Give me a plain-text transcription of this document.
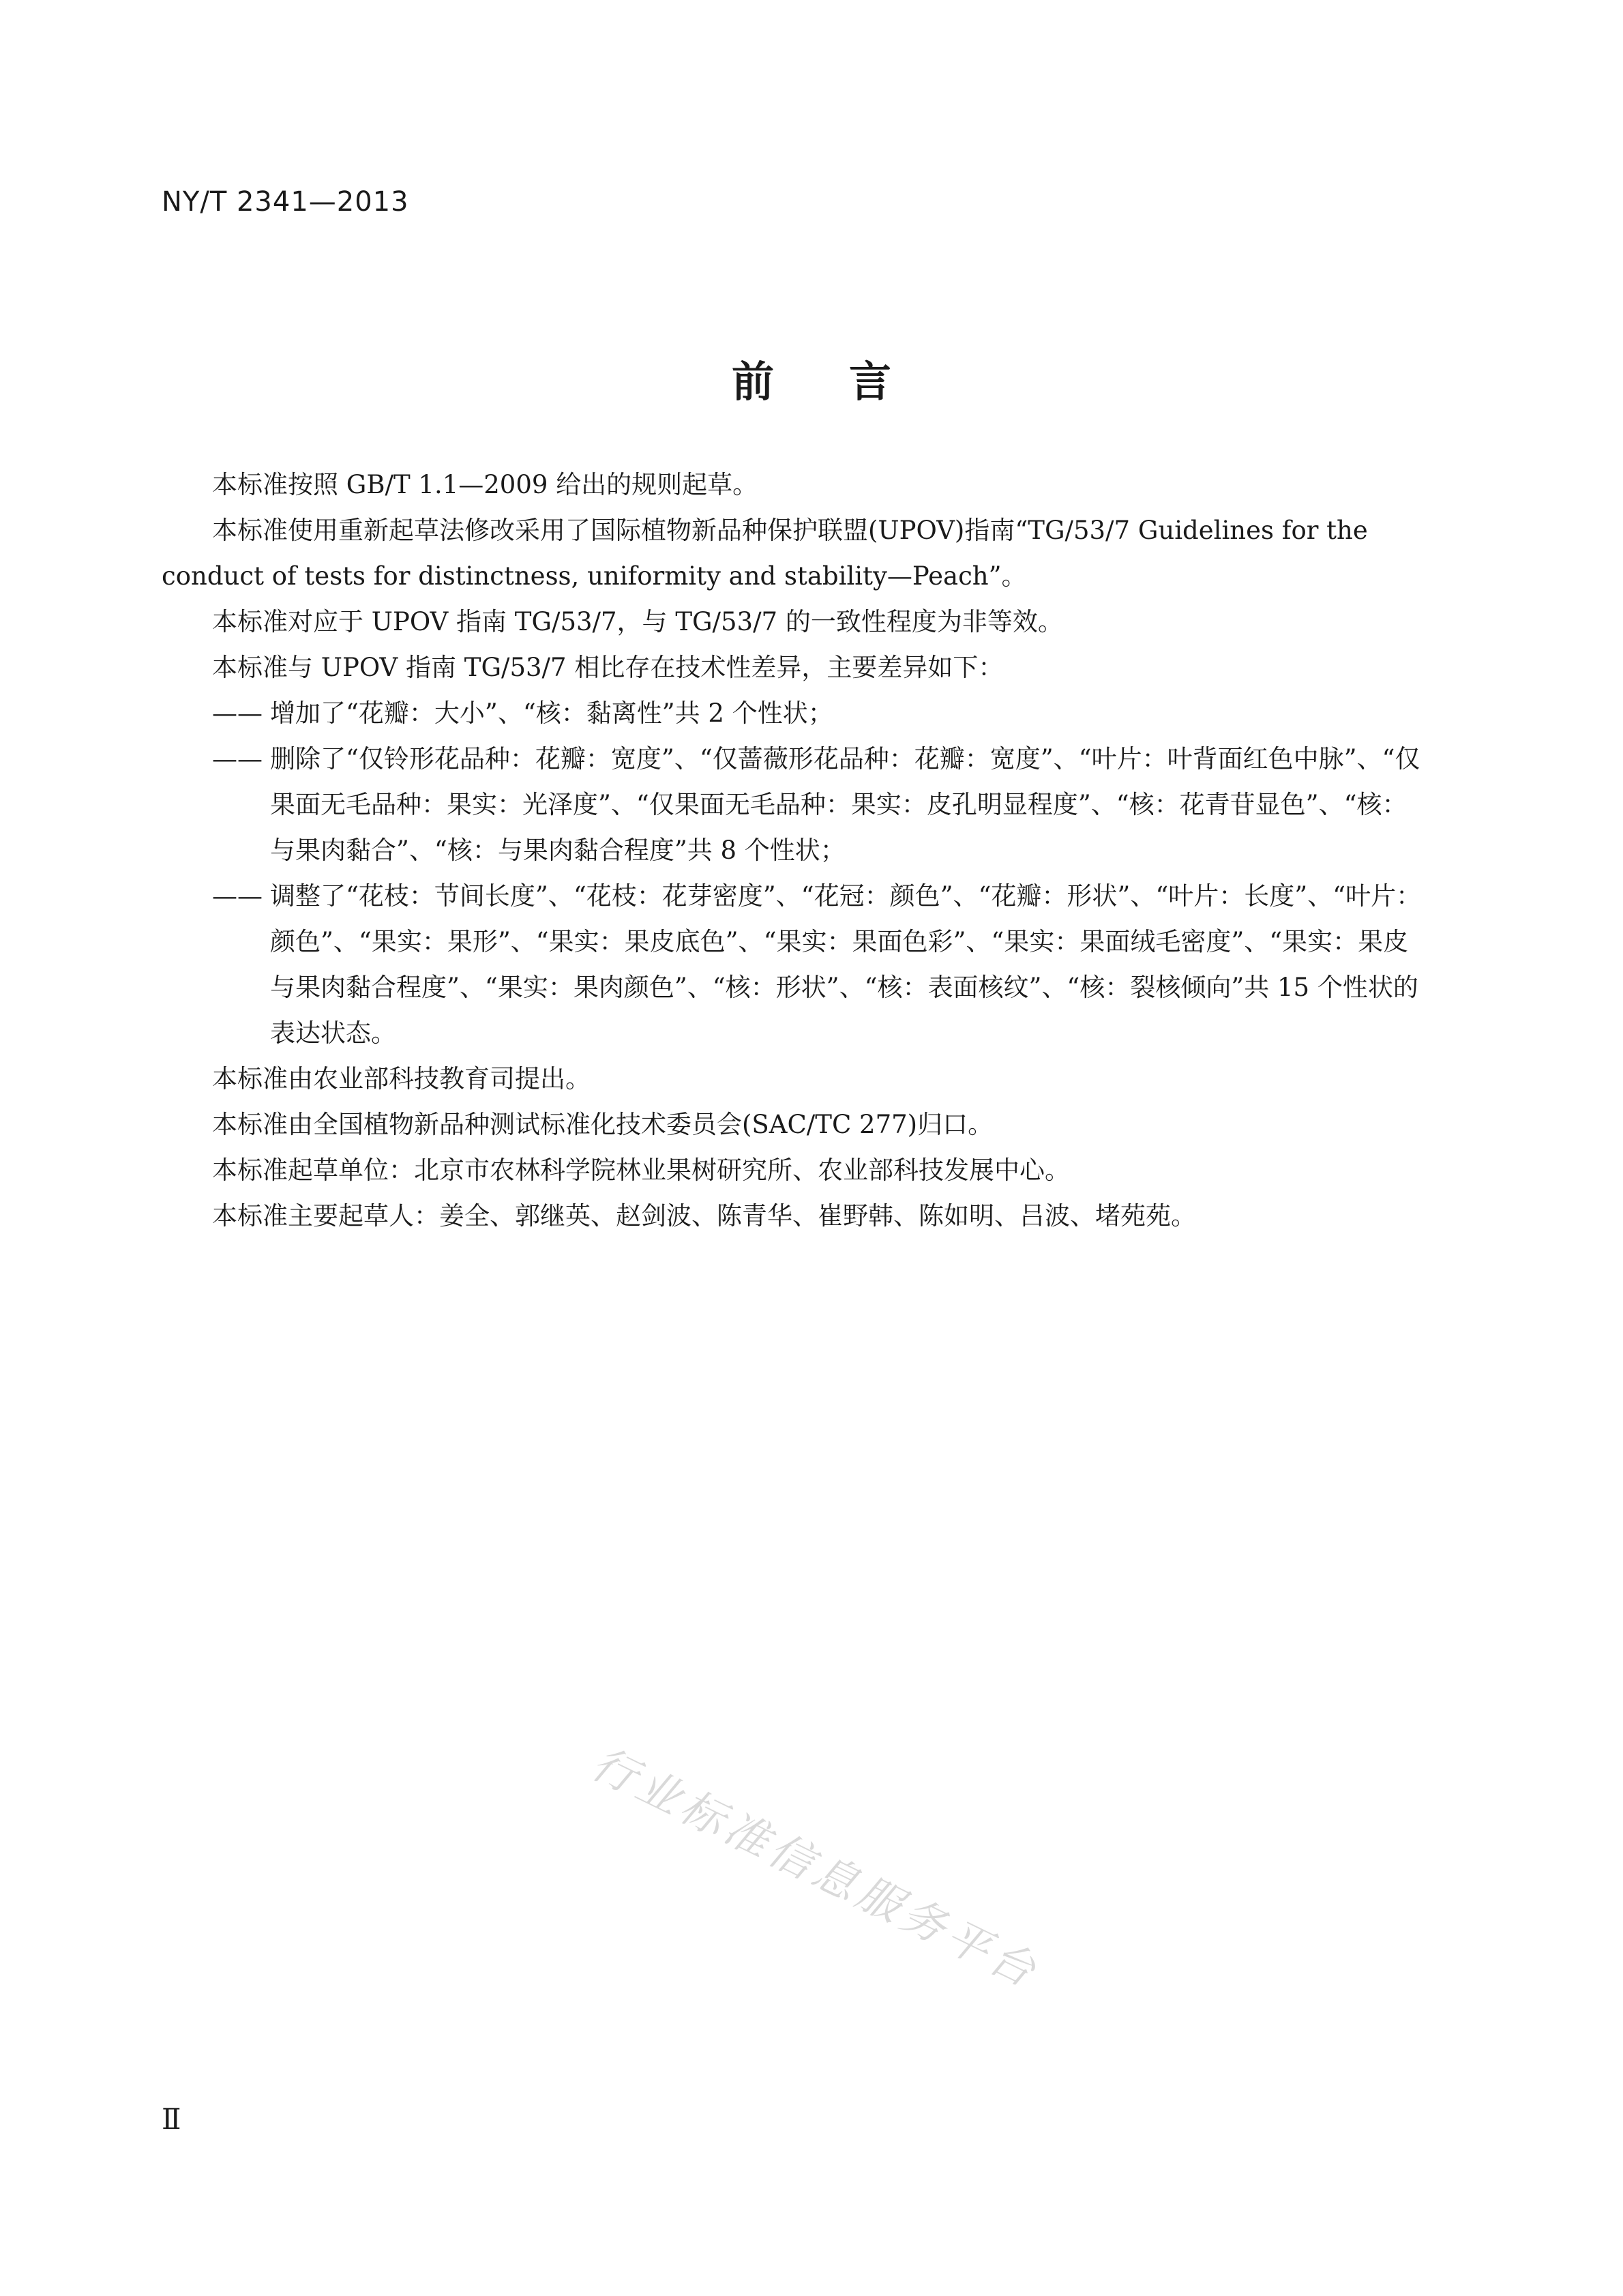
NY/T 2341—2013

前 言

本标准按照 GB/T 1.1—2009 给出的规则起草。

本标准使用重新起草法修改采用了国际植物新品种保护联盟(UPOV)指南“TG/53/7 Guidelines for the conduct of tests for distinctness, uniformity and stability—Peach”。

本标准对应于 UPOV 指南 TG/53/7，与 TG/53/7 的一致性程度为非等效。

本标准与 UPOV 指南 TG/53/7 相比存在技术性差异，主要差异如下：

—— 增加了“花瓣：大小”、“核：黏离性”共 2 个性状；
—— 删除了“仅铃形花品种：花瓣：宽度”、“仅蔷薇形花品种：花瓣：宽度”、“叶片：叶背面红色中脉”、“仅果面无毛品种：果实：光泽度”、“仅果面无毛品种：果实：皮孔明显程度”、“核：花青苷显色”、“核：与果肉黏合”、“核：与果肉黏合程度”共 8 个性状；
—— 调整了“花枝：节间长度”、“花枝：花芽密度”、“花冠：颜色”、“花瓣：形状”、“叶片：长度”、“叶片：颜色”、“果实：果形”、“果实：果皮底色”、“果实：果面色彩”、“果实：果面绒毛密度”、“果实：果皮与果肉黏合程度”、“果实：果肉颜色”、“核：形状”、“核：表面核纹”、“核：裂核倾向”共 15 个性状的表达状态。

本标准由农业部科技教育司提出。

本标准由全国植物新品种测试标准化技术委员会(SAC/TC 277)归口。

本标准起草单位：北京市农林科学院林业果树研究所、农业部科技发展中心。

本标准主要起草人：姜全、郭继英、赵剑波、陈青华、崔野韩、陈如明、吕波、堵苑苑。

行业标准信息服务平台

Ⅱ
